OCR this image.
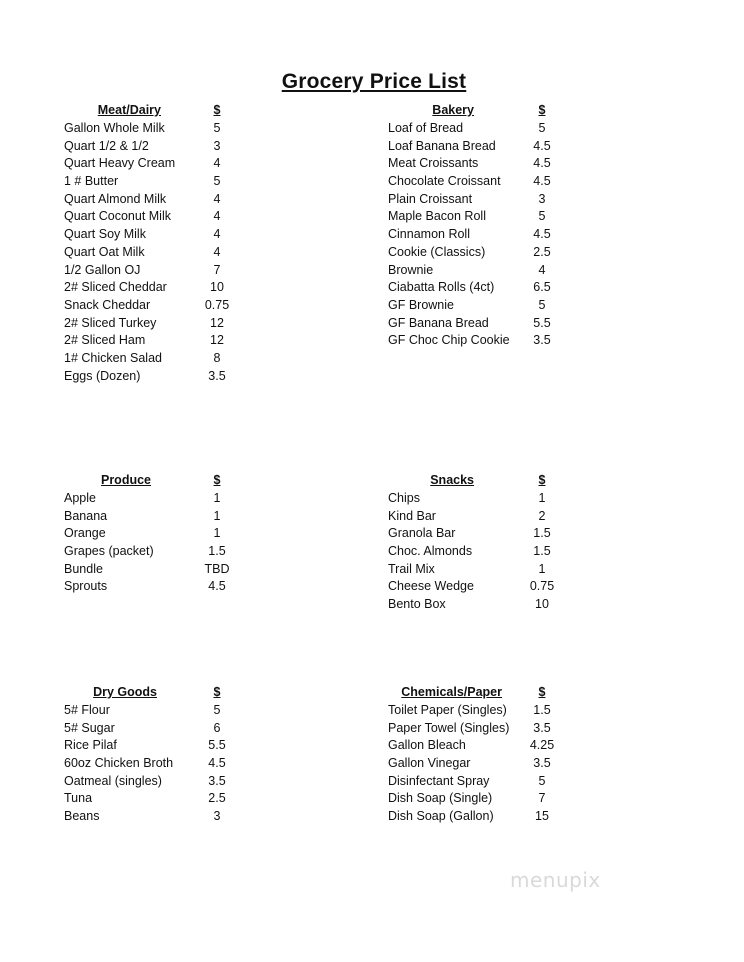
Grocery Price List
Meat/Dairy	$
Gallon Whole Milk	5
Quart 1/2 & 1/2	3
Quart Heavy Cream	4
1 # Butter	5
Quart Almond Milk	4
Quart Coconut Milk	4
Quart Soy Milk	4
Quart Oat Milk	4
1/2 Gallon OJ	7
2# Sliced Cheddar	10
Snack Cheddar	0.75
2# Sliced Turkey	12
2# Sliced Ham	12
1# Chicken Salad	8
Eggs (Dozen)	3.5
Bakery	$
Loaf of Bread	5
Loaf Banana Bread	4.5
Meat Croissants	4.5
Chocolate Croissant	4.5
Plain Croissant	3
Maple Bacon Roll	5
Cinnamon Roll	4.5
Cookie (Classics)	2.5
Brownie	4
Ciabatta Rolls (4ct)	6.5
GF Brownie	5
GF Banana Bread	5.5
GF Choc Chip Cookie	3.5
Produce	$
Apple	1
Banana	1
Orange	1
Grapes (packet)	1.5
Bundle	TBD
Sprouts	4.5
Snacks	$
Chips	1
Kind Bar	2
Granola Bar	1.5
Choc. Almonds	1.5
Trail Mix	1
Cheese Wedge	0.75
Bento Box	10
Dry Goods	$
5# Flour	5
5# Sugar	6
Rice Pilaf	5.5
60oz Chicken Broth	4.5
Oatmeal (singles)	3.5
Tuna	2.5
Beans	3
Chemicals/Paper	$
Toilet Paper (Singles)	1.5
Paper Towel (Singles)	3.5
Gallon Bleach	4.25
Gallon Vinegar	3.5
Disinfectant Spray	5
Dish Soap (Single)	7
Dish Soap (Gallon)	15
menupix
